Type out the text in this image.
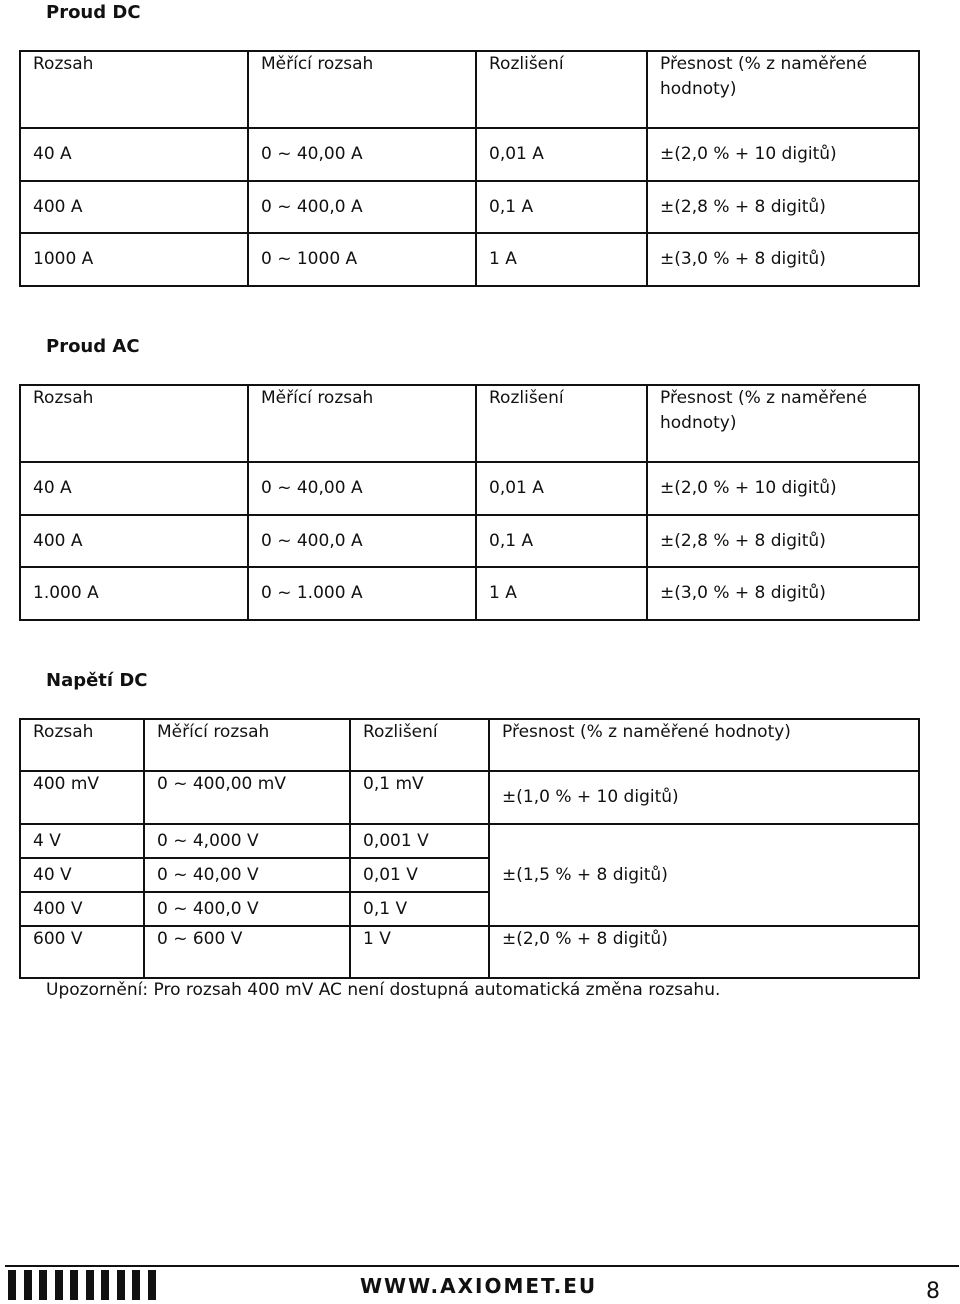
Proud DC
Rozsah	Měřící rozsah	Rozlišení	Přesnost (% z naměřené hodnoty)
40 A	0 ~ 40,00 A	0,01 A	±(2,0 % + 10 digitů)
400 A	0 ~ 400,0 A	0,1 A	±(2,8 % + 8 digitů)
1000 A	0 ~ 1000 A	1 A	±(3,0 % + 8 digitů)
Proud AC
Rozsah	Měřící rozsah	Rozlišení	Přesnost (% z naměřené hodnoty)
40 A	0 ~ 40,00 A	0,01 A	±(2,0 % + 10 digitů)
400 A	0 ~ 400,0 A	0,1 A	±(2,8 % + 8 digitů)
1.000 A	0 ~ 1.000 A	1 A	±(3,0 % + 8 digitů)
Napětí DC
Rozsah	Měřící rozsah	Rozlišení	Přesnost (% z naměřené hodnoty)
400 mV	0 ~ 400,00 mV	0,1 mV	±(1,0 % + 10 digitů)
4 V	0 ~ 4,000 V	0,001 V	±(1,5 % + 8 digitů)
40 V	0 ~ 40,00 V	0,01 V	
400 V	0 ~ 400,0 V	0,1 V	
600 V	0 ~ 600 V	1 V	±(2,0 % + 8 digitů)

Upozornění: Pro rozsah 400 mV AC není dostupná automatická změna rozsahu.

WWW.AXIOMET.EU	8
